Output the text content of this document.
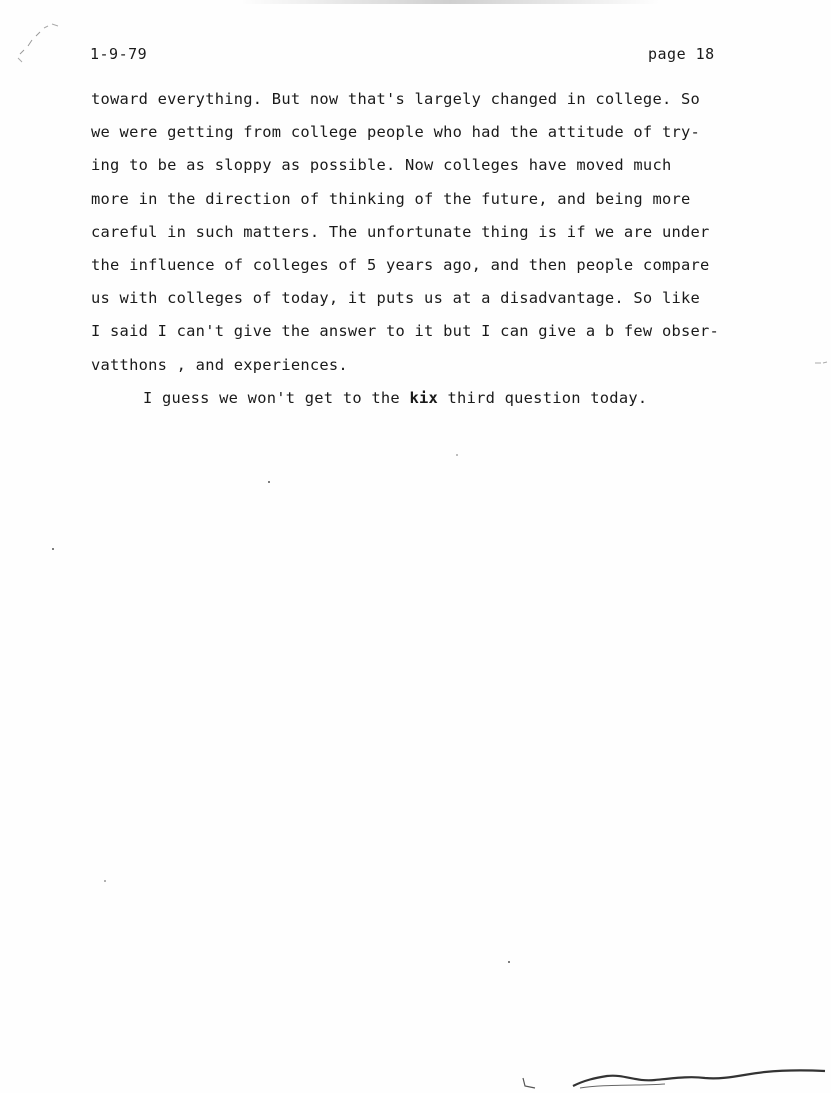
1-9-79	page 18
toward everything. But now that's largely changed in college. So
we were getting from college people who had the attitude of try-
ing to be as sloppy as possible. Now colleges have moved much
more in the direction of thinking of the future, and being more
careful in such matters. The unfortunate thing is if we are under
the influence of colleges of 5 years ago, and then people compare
us with colleges of today, it puts us at a disadvantage. So like
I said I can't give the answer to it but I can give a b few obser-
vatthons , and experiences.
I guess we won't get to the kix third question today.
